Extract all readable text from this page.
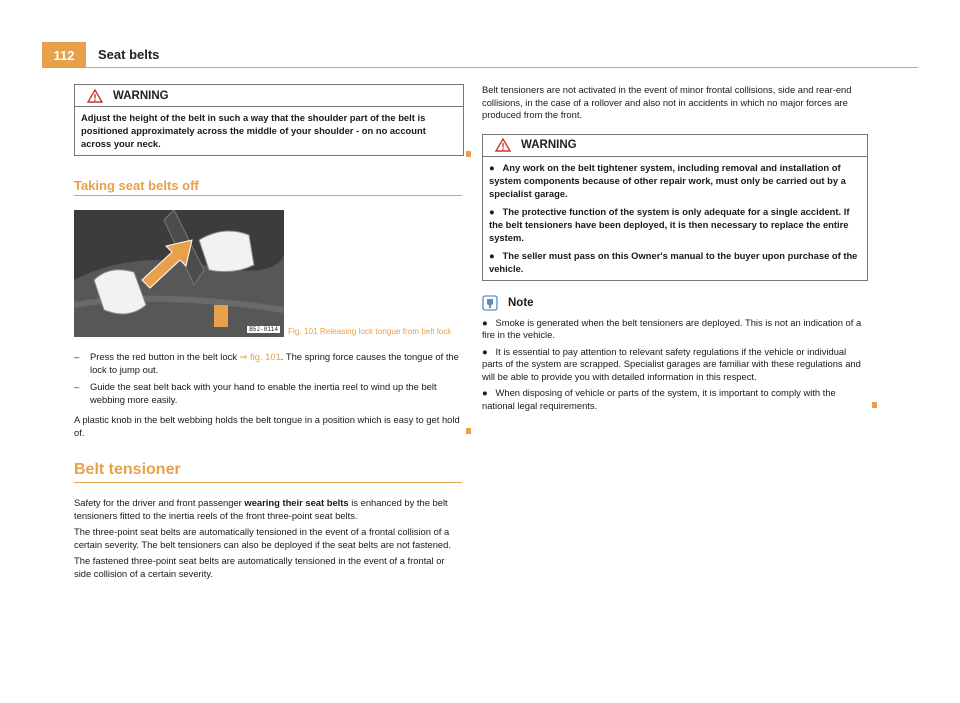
112	Seat belts
WARNING

Adjust the height of the belt in such a way that the shoulder part of the belt is positioned approximately across the middle of your shoulder - on no account across your neck.

Taking seat belts off
B5J-0114 Fig. 101 Releasing lock tongue from belt lock
–	Press the red button in the belt lock ⇒ fig. 101. The spring force causes the tongue of the lock to jump out.
–	Guide the seat belt back with your hand to enable the inertia reel to wind up the belt webbing more easily.

A plastic knob in the belt webbing holds the belt tongue in a position which is easy to get hold of.

Belt tensioner

Safety for the driver and front passenger wearing their seat belts is enhanced by the belt tensioners fitted to the inertia reels of the front three-point seat belts.

The three-point seat belts are automatically tensioned in the event of a frontal collision of a certain severity. The belt tensioners can also be deployed if the seat belts are not fastened.

The fastened three-point seat belts are automatically tensioned in the event of a frontal or side collision of a certain severity.

Belt tensioners are not activated in the event of minor frontal collisions, side and rear-end collisions, in the case of a rollover and also not in accidents in which no major forces are produced from the front.

WARNING

● Any work on the belt tightener system, including removal and installation of system components because of other repair work, must only be carried out by a specialist garage.

● The protective function of the system is only adequate for a single accident. If the belt tensioners have been deployed, it is then necessary to replace the entire system.

● The seller must pass on this Owner's manual to the buyer upon purchase of the vehicle.

Note

● Smoke is generated when the belt tensioners are deployed. This is not an indication of a fire in the vehicle.

● It is essential to pay attention to relevant safety regulations if the vehicle or individual parts of the system are scrapped. Specialist garages are familiar with these regulations and will be able to provide you with detailed information in this respect.

● When disposing of vehicle or parts of the system, it is important to comply with the national legal requirements.
